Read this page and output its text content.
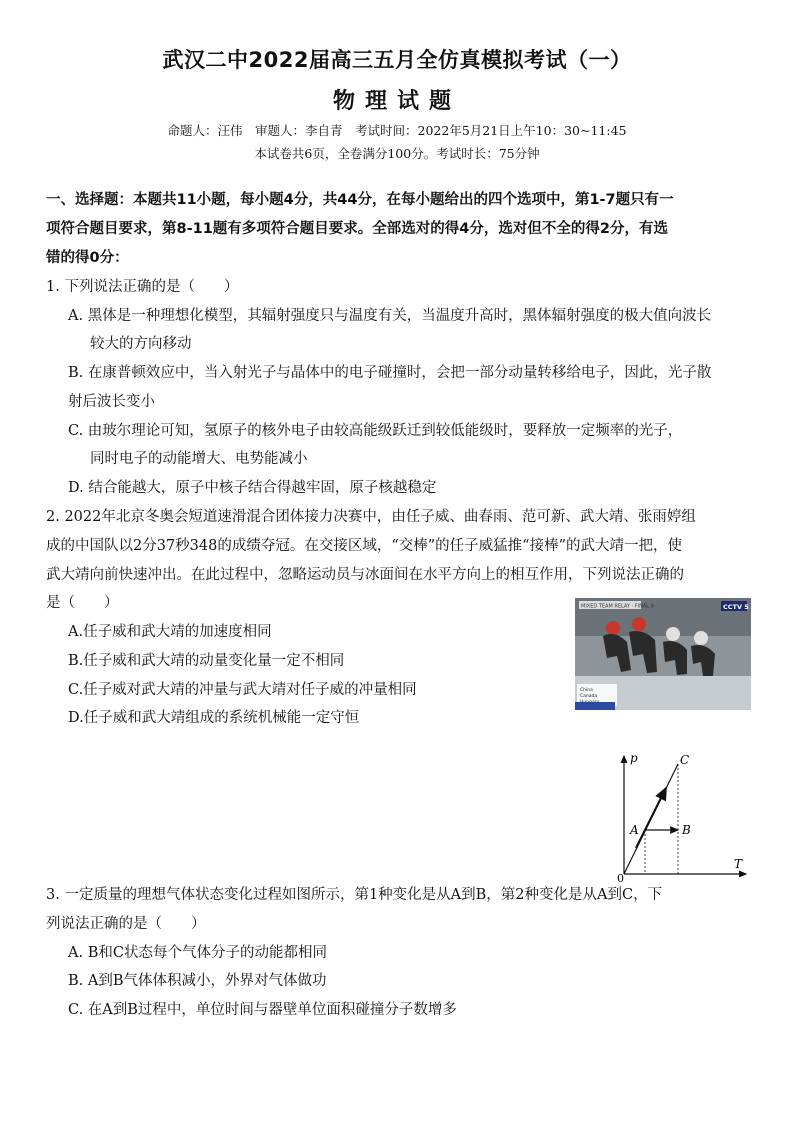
武汉二中2022届高三五月全仿真模拟考试（一）
物理试题
命题人：汪伟　审题人：李自青　考试时间：2022年5月21日上午10：30~11:45
本试卷共6页，全卷满分100分。考试时长：75分钟
一、选择题：本题共11小题，每小题4分，共44分，在每小题给出的四个选项中，第1-7题只有一
项符合题目要求，第8-11题有多项符合题目要求。全部选对的得4分，选对但不全的得2分，有选
错的得0分：
1. 下列说法正确的是（　　）
A. 黑体是一种理想化模型，其辐射强度只与温度有关，当温度升高时，黑体辐射强度的极大值向波长
较大的方向移动
B. 在康普顿效应中，当入射光子与晶体中的电子碰撞时，会把一部分动量转移给电子，因此，光子散
射后波长变小
C. 由玻尔理论可知，氢原子的核外电子由较高能级跃迁到较低能级时，要释放一定频率的光子，
同时电子的动能增大、电势能减小
D. 结合能越大，原子中核子结合得越牢固，原子核越稳定
2. 2022年北京冬奥会短道速滑混合团体接力决赛中，由任子威、曲春雨、范可新、武大靖、张雨婷组
成的中国队以2分37秒348的成绩夺冠。在交接区域，“交棒”的任子威猛推“接棒”的武大靖一把，使
武大靖向前快速冲出。在此过程中，忽略运动员与冰面间在水平方向上的相互作用，下列说法正确的
是（　　）
A.任子威和武大靖的加速度相同
B.任子威和武大靖的动量变化量一定不相同
C.任子威对武大靖的冲量与武大靖对任子威的冲量相同
D.任子威和武大靖组成的系统机械能一定守恒
MIXED TEAM RELAY · FINAL A	CCTV 5
China
Canada
p
T
0
A	B
C
3. 一定质量的理想气体状态变化过程如图所示，第1种变化是从A到B，第2种变化是从A到C，下
列说法正确的是（　　）
A. B和C状态每个气体分子的动能都相同
B. A到B气体体积减小，外界对气体做功
C. 在A到B过程中，单位时间与器壁单位面积碰撞分子数增多
